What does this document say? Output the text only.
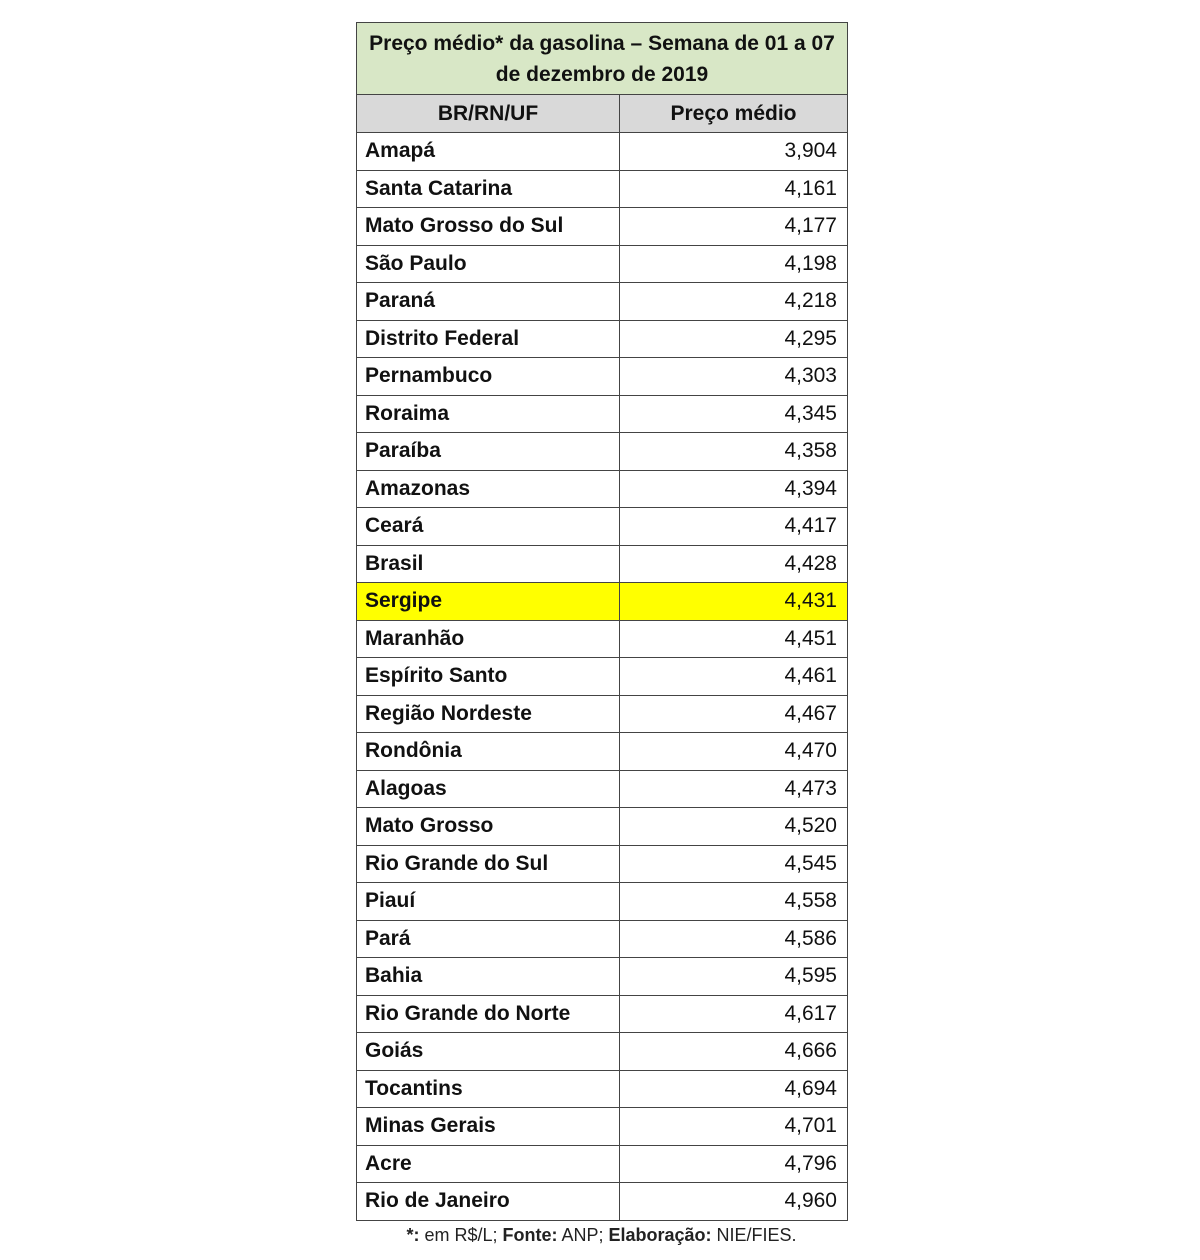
Preço médio* da gasolina – Semana de 01 a 07 de dezembro de 2019	
BR/RN/UF	Preço médio
Amapá	3,904
Santa Catarina	4,161
Mato Grosso do Sul	4,177
São Paulo	4,198
Paraná	4,218
Distrito Federal	4,295
Pernambuco	4,303
Roraima	4,345
Paraíba	4,358
Amazonas	4,394
Ceará	4,417
Brasil	4,428
Sergipe	4,431
Maranhão	4,451
Espírito Santo	4,461
Região Nordeste	4,467
Rondônia	4,470
Alagoas	4,473
Mato Grosso	4,520
Rio Grande do Sul	4,545
Piauí	4,558
Pará	4,586
Bahia	4,595
Rio Grande do Norte	4,617
Goiás	4,666
Tocantins	4,694
Minas Gerais	4,701
Acre	4,796
Rio de Janeiro	4,960
*: em R$/L; Fonte: ANP; Elaboração: NIE/FIES.
